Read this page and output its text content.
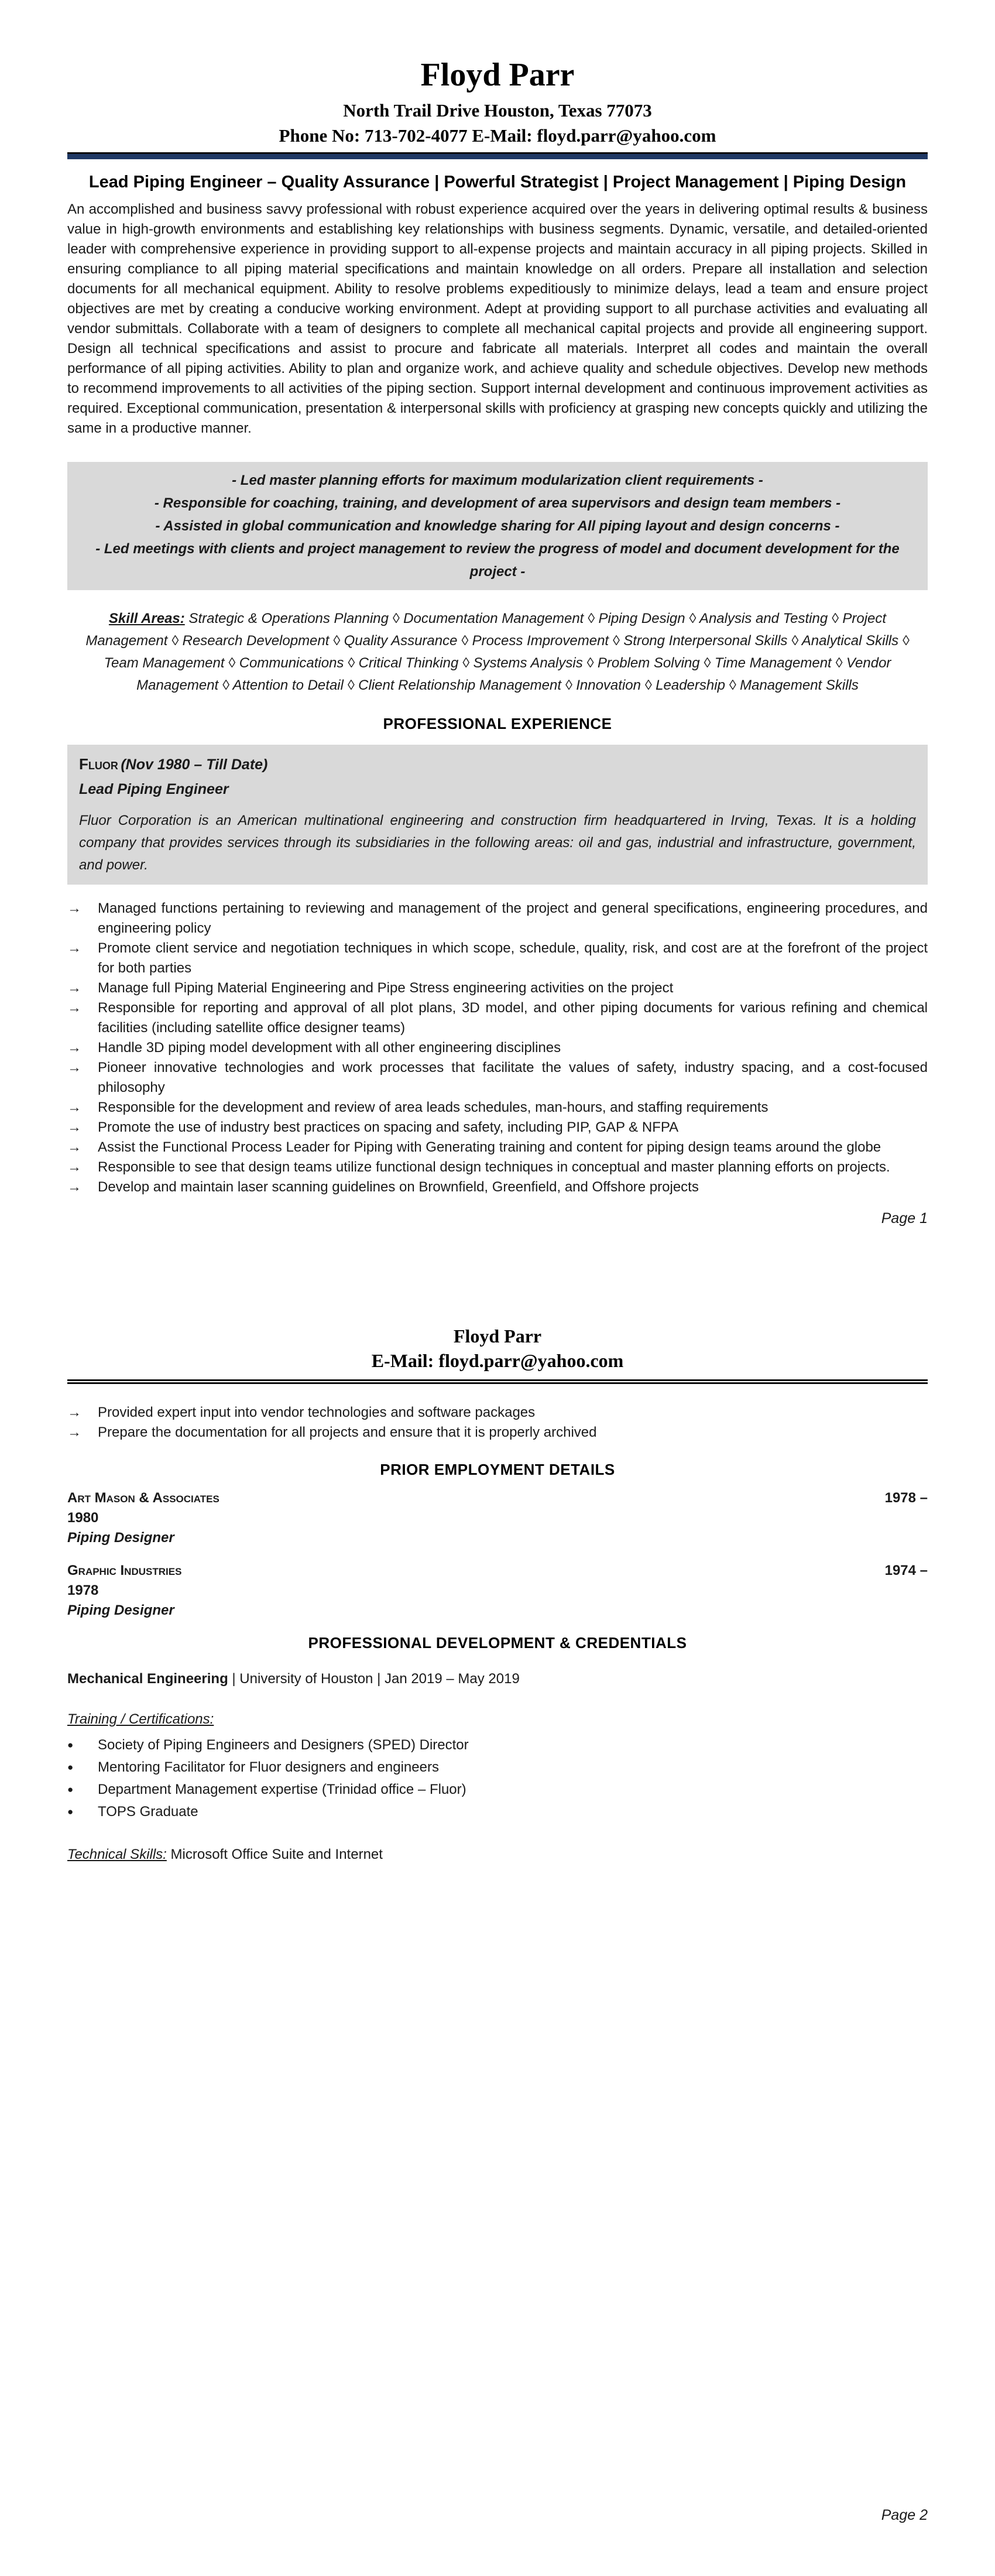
Floyd Parr
North Trail Drive Houston, Texas 77073
Phone No: 713-702-4077 E-Mail: floyd.parr@yahoo.com
Lead Piping Engineer – Quality Assurance | Powerful Strategist | Project Management | Piping Design

An accomplished and business savvy professional with robust experience acquired over the years in delivering optimal results & business value in high-growth environments and establishing key relationships with business segments. Dynamic, versatile, and detailed-oriented leader with comprehensive experience in providing support to all-expense projects and maintain accuracy in all piping projects. Skilled in ensuring compliance to all piping material specifications and maintain knowledge on all orders. Prepare all installation and selection documents for all mechanical equipment. Ability to resolve problems expeditiously to minimize delays, lead a team and ensure project objectives are met by creating a conducive working environment. Adept at providing support to all purchase activities and evaluating all vendor submittals. Collaborate with a team of designers to complete all mechanical capital projects and provide all engineering support. Design all technical specifications and assist to procure and fabricate all materials. Interpret all codes and maintain the overall performance of all piping activities. Ability to plan and organize work, and achieve quality and schedule objectives. Develop new methods to recommend improvements to all activities of the piping section. Support internal development and continuous improvement activities as required. Exceptional communication, presentation & interpersonal skills with proficiency at grasping new concepts quickly and utilizing the same in a productive manner.

- Led master planning efforts for maximum modularization client requirements -
- Responsible for coaching, training, and development of area supervisors and design team members -
- Assisted in global communication and knowledge sharing for All piping layout and design concerns -
- Led meetings with clients and project management to review the progress of model and document development for the project -

Skill Areas: Strategic & Operations Planning ◊ Documentation Management ◊ Piping Design ◊ Analysis and Testing ◊ Project Management ◊ Research Development ◊ Quality Assurance ◊ Process Improvement ◊ Strong Interpersonal Skills ◊ Analytical Skills ◊ Team Management ◊ Communications ◊ Critical Thinking ◊ Systems Analysis ◊ Problem Solving ◊ Time Management ◊ Vendor Management ◊ Attention to Detail ◊ Client Relationship Management ◊ Innovation ◊ Leadership ◊ Management Skills

PROFESSIONAL EXPERIENCE
Fluor (Nov 1980 – Till Date)
Lead Piping Engineer

Fluor Corporation is an American multinational engineering and construction firm headquartered in Irving, Texas. It is a holding company that provides services through its subsidiaries in the following areas: oil and gas, industrial and infrastructure, government, and power.

→	Managed functions pertaining to reviewing and management of the project and general specifications, engineering procedures, and engineering policy
→	Promote client service and negotiation techniques in which scope, schedule, quality, risk, and cost are at the forefront of the project for both parties
→	Manage full Piping Material Engineering and Pipe Stress engineering activities on the project
→	Responsible for reporting and approval of all plot plans, 3D model, and other piping documents for various refining and chemical facilities (including satellite office designer teams)
→	Handle 3D piping model development with all other engineering disciplines
→	Pioneer innovative technologies and work processes that facilitate the values of safety, industry spacing, and a cost-focused philosophy
→	Responsible for the development and review of area leads schedules, man-hours, and staffing requirements
→	Promote the use of industry best practices on spacing and safety, including PIP, GAP & NFPA
→	Assist the Functional Process Leader for Piping with Generating training and content for piping design teams around the globe
→	Responsible to see that design teams utilize functional design techniques in conceptual and master planning efforts on projects.
→	Develop and maintain laser scanning guidelines on Brownfield, Greenfield, and Offshore projects
Page 1
Floyd Parr
E-Mail: floyd.parr@yahoo.com
→	Provided expert input into vendor technologies and software packages
→	Prepare the documentation for all projects and ensure that it is properly archived
PRIOR EMPLOYMENT DETAILS
Art Mason & Associates	1978 –
1980
Piping Designer
Graphic Industries	1974 –
1978
Piping Designer
PROFESSIONAL DEVELOPMENT & CREDENTIALS
Mechanical Engineering | University of Houston | Jan 2019 – May 2019
Training / Certifications:
●	Society of Piping Engineers and Designers (SPED) Director
●	Mentoring Facilitator for Fluor designers and engineers
●	Department Management expertise (Trinidad office – Fluor)
●	TOPS Graduate
Technical Skills: Microsoft Office Suite and Internet
Page 2
